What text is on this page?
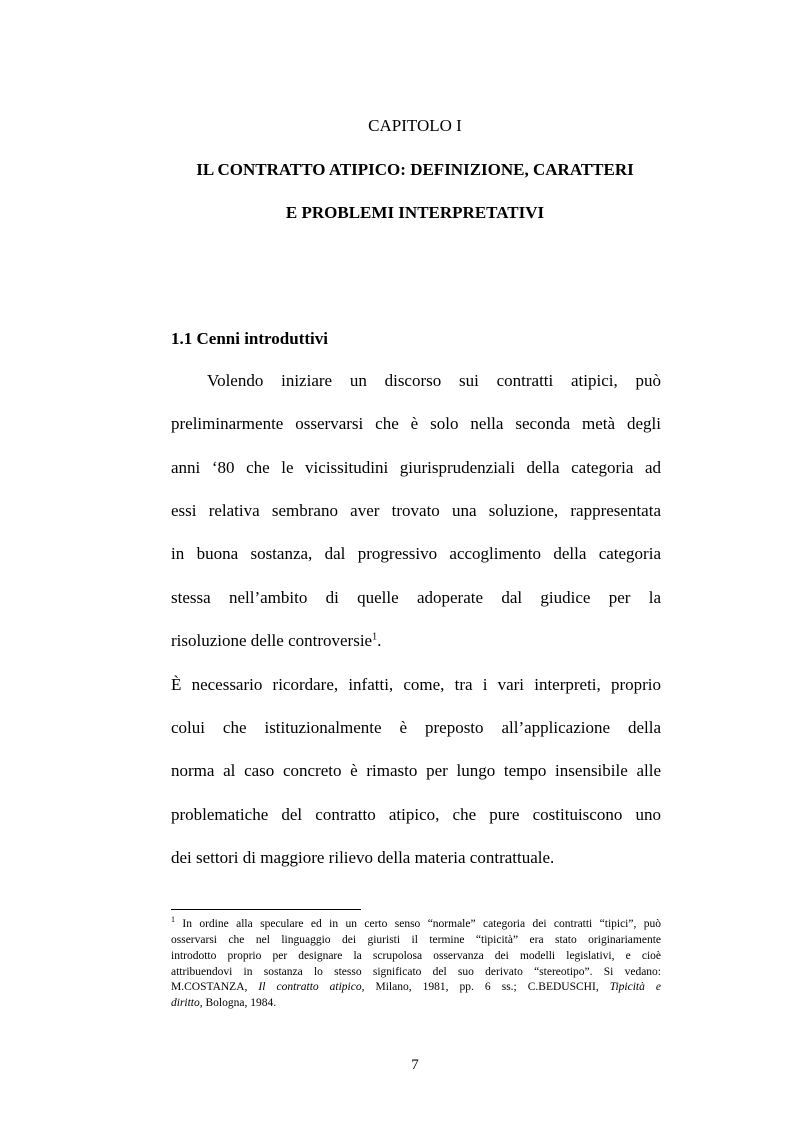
CAPITOLO I
IL CONTRATTO ATIPICO: DEFINIZIONE, CARATTERI
E PROBLEMI INTERPRETATIVI
1.1 Cenni introduttivi
Volendo iniziare un discorso sui contratti atipici, può
preliminarmente osservarsi che è solo nella seconda metà degli
anni ‘80 che le vicissitudini giurisprudenziali della categoria ad
essi relativa sembrano aver trovato una soluzione, rappresentata
in buona sostanza, dal progressivo accoglimento della categoria
stessa nell’ambito di quelle adoperate dal giudice per la
risoluzione delle controversie$^1$.
È necessario ricordare, infatti, come, tra i vari interpreti, proprio
colui che istituzionalmente è preposto all’applicazione della
norma al caso concreto è rimasto per lungo tempo insensibile alle
problematiche del contratto atipico, che pure costituiscono uno
dei settori di maggiore rilievo della materia contrattuale.
$^1$ In ordine alla speculare ed in un certo senso “normale” categoria dei contratti “tipici”, può
osservarsi che nel linguaggio dei giuristi il termine “tipicità” era stato originariamente
introdotto proprio per designare la scrupolosa osservanza dei modelli legislativi, e cioè
attribuendovi in sostanza lo stesso significato del suo derivato “stereotipo”. Si vedano:
M.COSTANZA, Il contratto atipico, Milano, 1981, pp. 6 ss.; C.BEDUSCHI, Tipicità e
diritto, Bologna, 1984.
7
